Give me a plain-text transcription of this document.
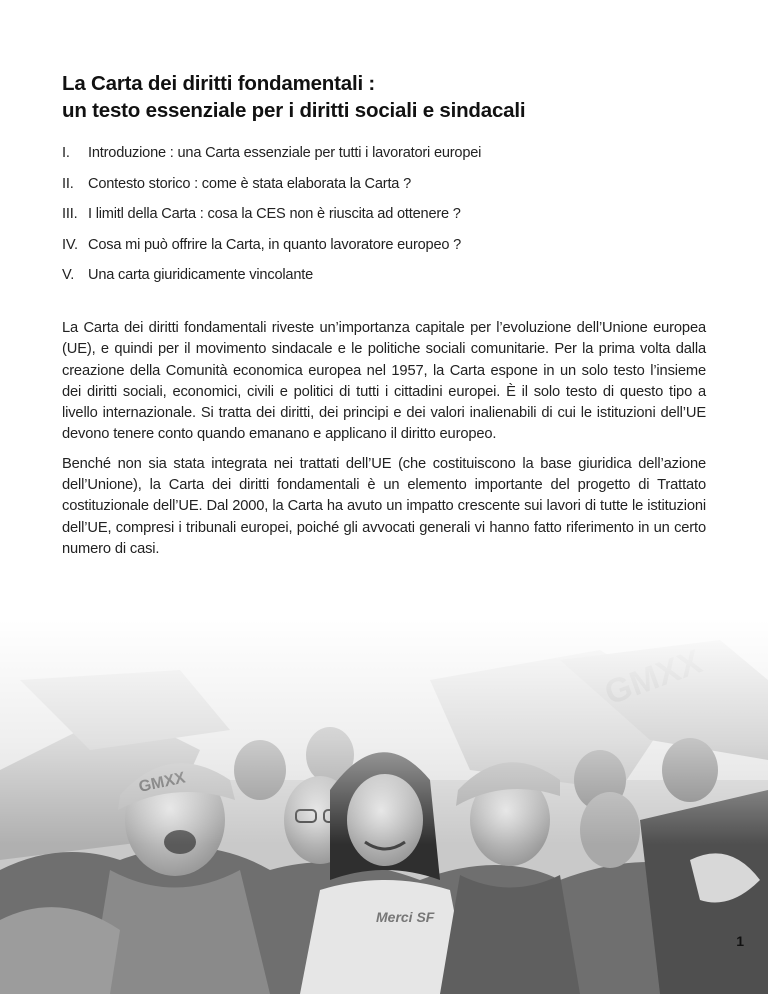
La Carta dei diritti fondamentali :
un testo essenziale per i diritti sociali e sindacali
I.	Introduzione : una Carta essenziale per tutti i lavoratori europei
II. Contesto storico : come è stata elaborata la Carta ?
III. I limitl della Carta : cosa la CES non è riuscita ad ottenere ?
IV. Cosa mi può offrire la Carta, in quanto lavoratore europeo ?
V. Una carta giuridicamente vincolante

La Carta dei diritti fondamentali riveste un’importanza capitale per l’evoluzione dell’Unione europea (UE), e quindi per il movimento sindacale e le politiche sociali comunitarie. Per la prima volta dalla creazione della Comunità economica europea nel 1957, la Carta espone in un solo testo l’insieme dei diritti sociali, economici, civili e politici di tutti i cittadini europei. È il solo testo di questo tipo a livello internazionale. Si tratta dei diritti, dei principi e dei valori inalienabili di cui le istituzioni dell’UE devono tenere conto quando emanano e applicano il diritto europeo.

Benché non sia stata integrata nei trattati dell’UE (che costituiscono la base giuridica dell’azione dell’Unione), la Carta dei diritti fondamentali è un elemento importante del progetto di Trattato costituzionale dell’UE. Dal 2000, la Carta ha avuto un impatto crescente sui lavori di tutte le istituzioni dell’UE, compresi i tribunali europei, poiché gli avvocati generali vi hanno fatto riferimento in un certo numero di casi.

1
